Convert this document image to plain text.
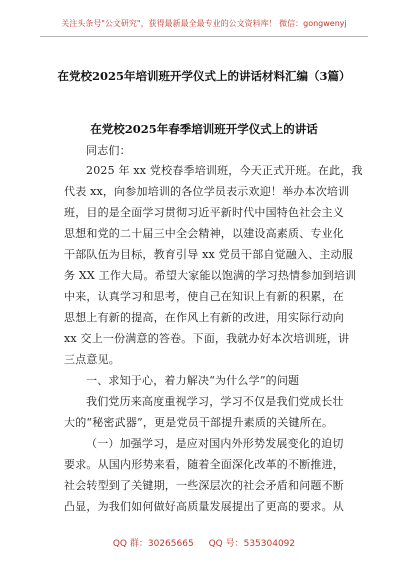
关注头条号"公文研究"，获得最新最全最专业的公文资料库！ 微信：gongwenyj
在党校2025年培训班开学仪式上的讲话材料汇编（3篇）
在党校2025年春季培训班开学仪式上的讲话
同志们：
2025 年 xx 党校春季培训班，今天正式开班。在此，我
代表 xx，向参加培训的各位学员表示欢迎！举办本次培训
班，目的是全面学习贯彻习近平新时代中国特色社会主义
思想和党的二十届三中全会精神，以建设高素质、专业化
干部队伍为目标，教育引导 xx 党员干部自觉融入、主动服
务 XX 工作大局。希望大家能以饱满的学习热情参加到培训
中来，认真学习和思考，使自己在知识上有新的积累，在
思想上有新的提高，在作风上有新的改进，用实际行动向
xx 交上一份满意的答卷。下面，我就办好本次培训班，讲
三点意见。
一、求知于心，着力解决“为什么学”的问题
我们党历来高度重视学习，学习不仅是我们党成长壮
大的“秘密武器”，更是党员干部提升素质的关键所在。
（一）加强学习，是应对国内外形势发展变化的迫切
要求。从国内形势来看，随着全面深化改革的不断推进，
社会转型到了关键期，一些深层次的社会矛盾和问题不断
凸显，为我们如何做好高质量发展提出了更高的要求。从
QQ 群：30265665 QQ 号：535304092
